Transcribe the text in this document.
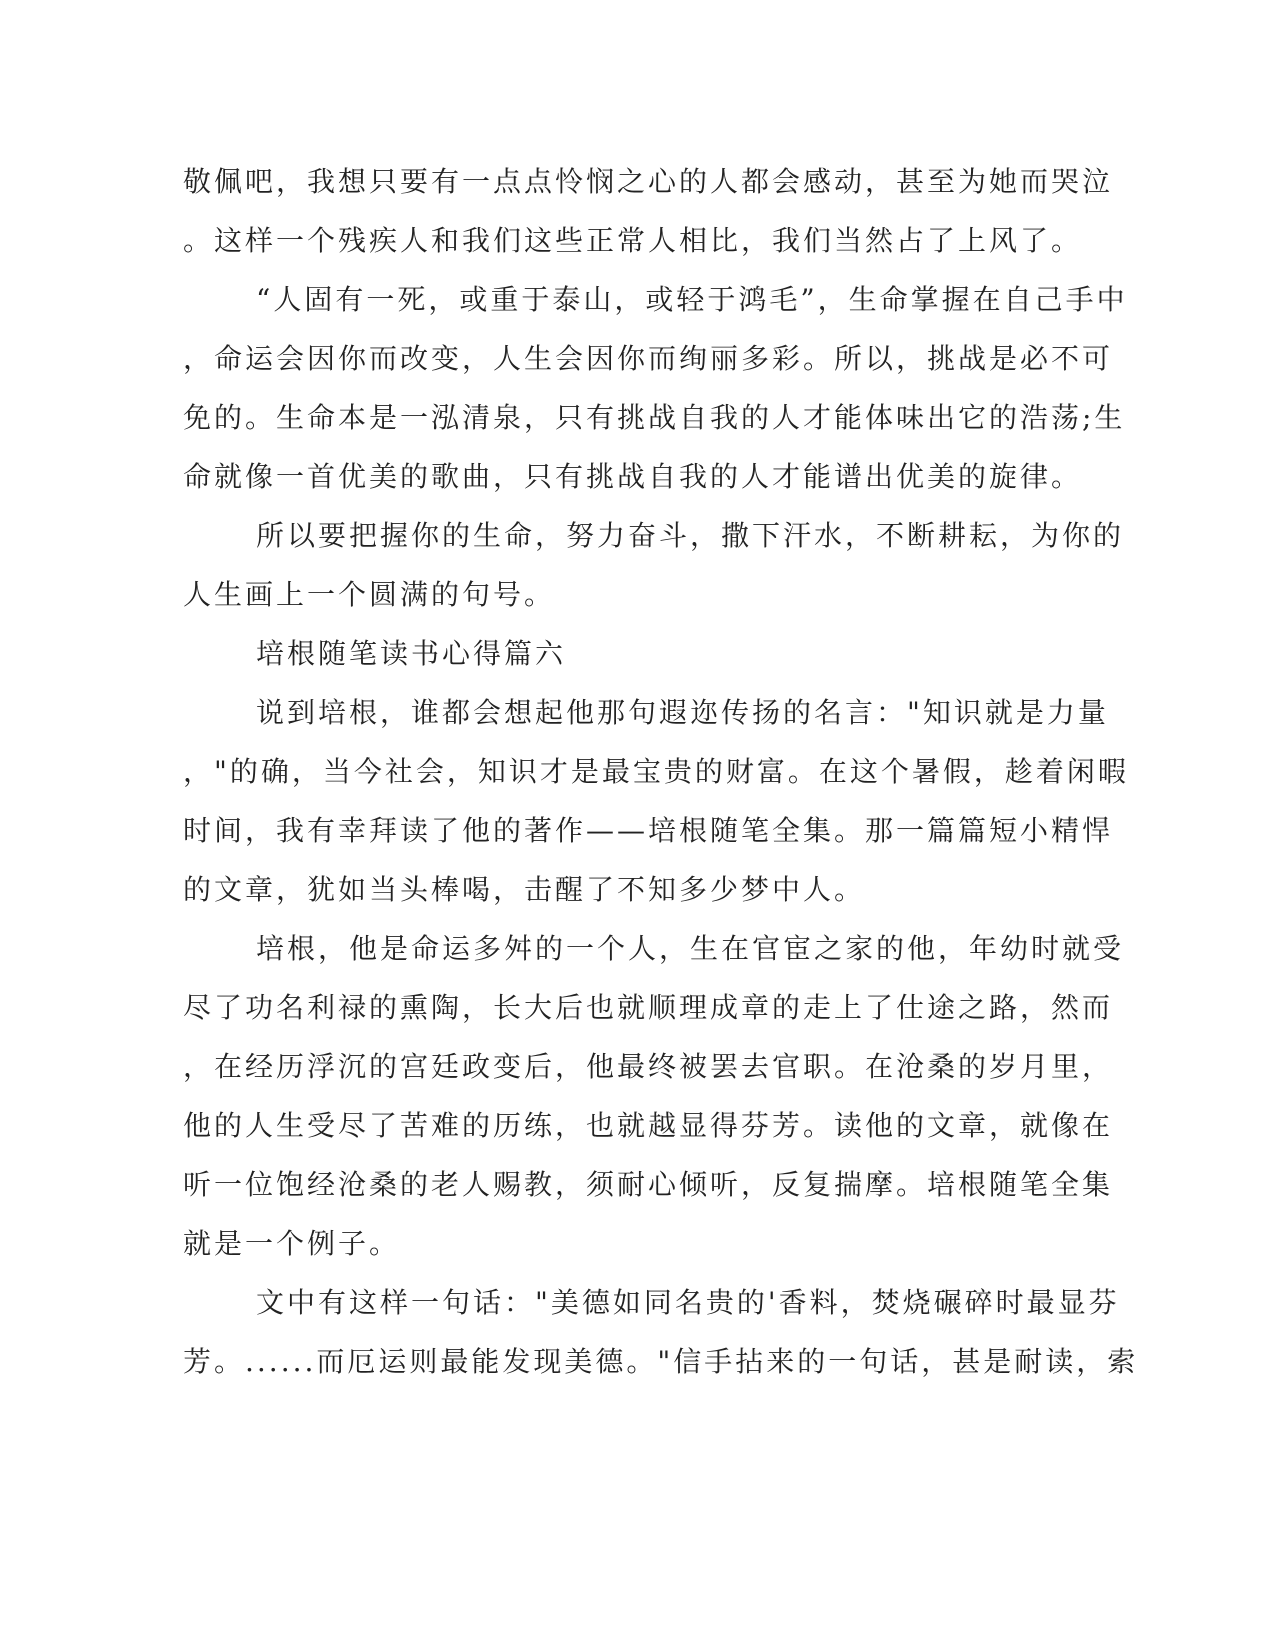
敬佩吧，我想只要有一点点怜悯之心的人都会感动，甚至为她而哭泣
。这样一个残疾人和我们这些正常人相比，我们当然占了上风了。
“人固有一死，或重于泰山，或轻于鸿毛”，生命掌握在自己手中
，命运会因你而改变，人生会因你而绚丽多彩。所以，挑战是必不可
免的。生命本是一泓清泉，只有挑战自我的人才能体味出它的浩荡;生
命就像一首优美的歌曲，只有挑战自我的人才能谱出优美的旋律。
所以要把握你的生命，努力奋斗，撒下汗水，不断耕耘，为你的
人生画上一个圆满的句号。
培根随笔读书心得篇六
说到培根，谁都会想起他那句遐迩传扬的名言："知识就是力量
，"的确，当今社会，知识才是最宝贵的财富。在这个暑假，趁着闲暇
时间，我有幸拜读了他的著作——培根随笔全集。那一篇篇短小精悍
的文章，犹如当头棒喝，击醒了不知多少梦中人。
培根，他是命运多舛的一个人，生在官宦之家的他，年幼时就受
尽了功名利禄的熏陶，长大后也就顺理成章的走上了仕途之路，然而
，在经历浮沉的宫廷政变后，他最终被罢去官职。在沧桑的岁月里，
他的人生受尽了苦难的历练，也就越显得芬芳。读他的文章，就像在
听一位饱经沧桑的老人赐教，须耐心倾听，反复揣摩。培根随笔全集
就是一个例子。
文中有这样一句话："美德如同名贵的'香料，焚烧碾碎时最显芬
芳。......而厄运则最能发现美德。"信手拈来的一句话，甚是耐读，索
